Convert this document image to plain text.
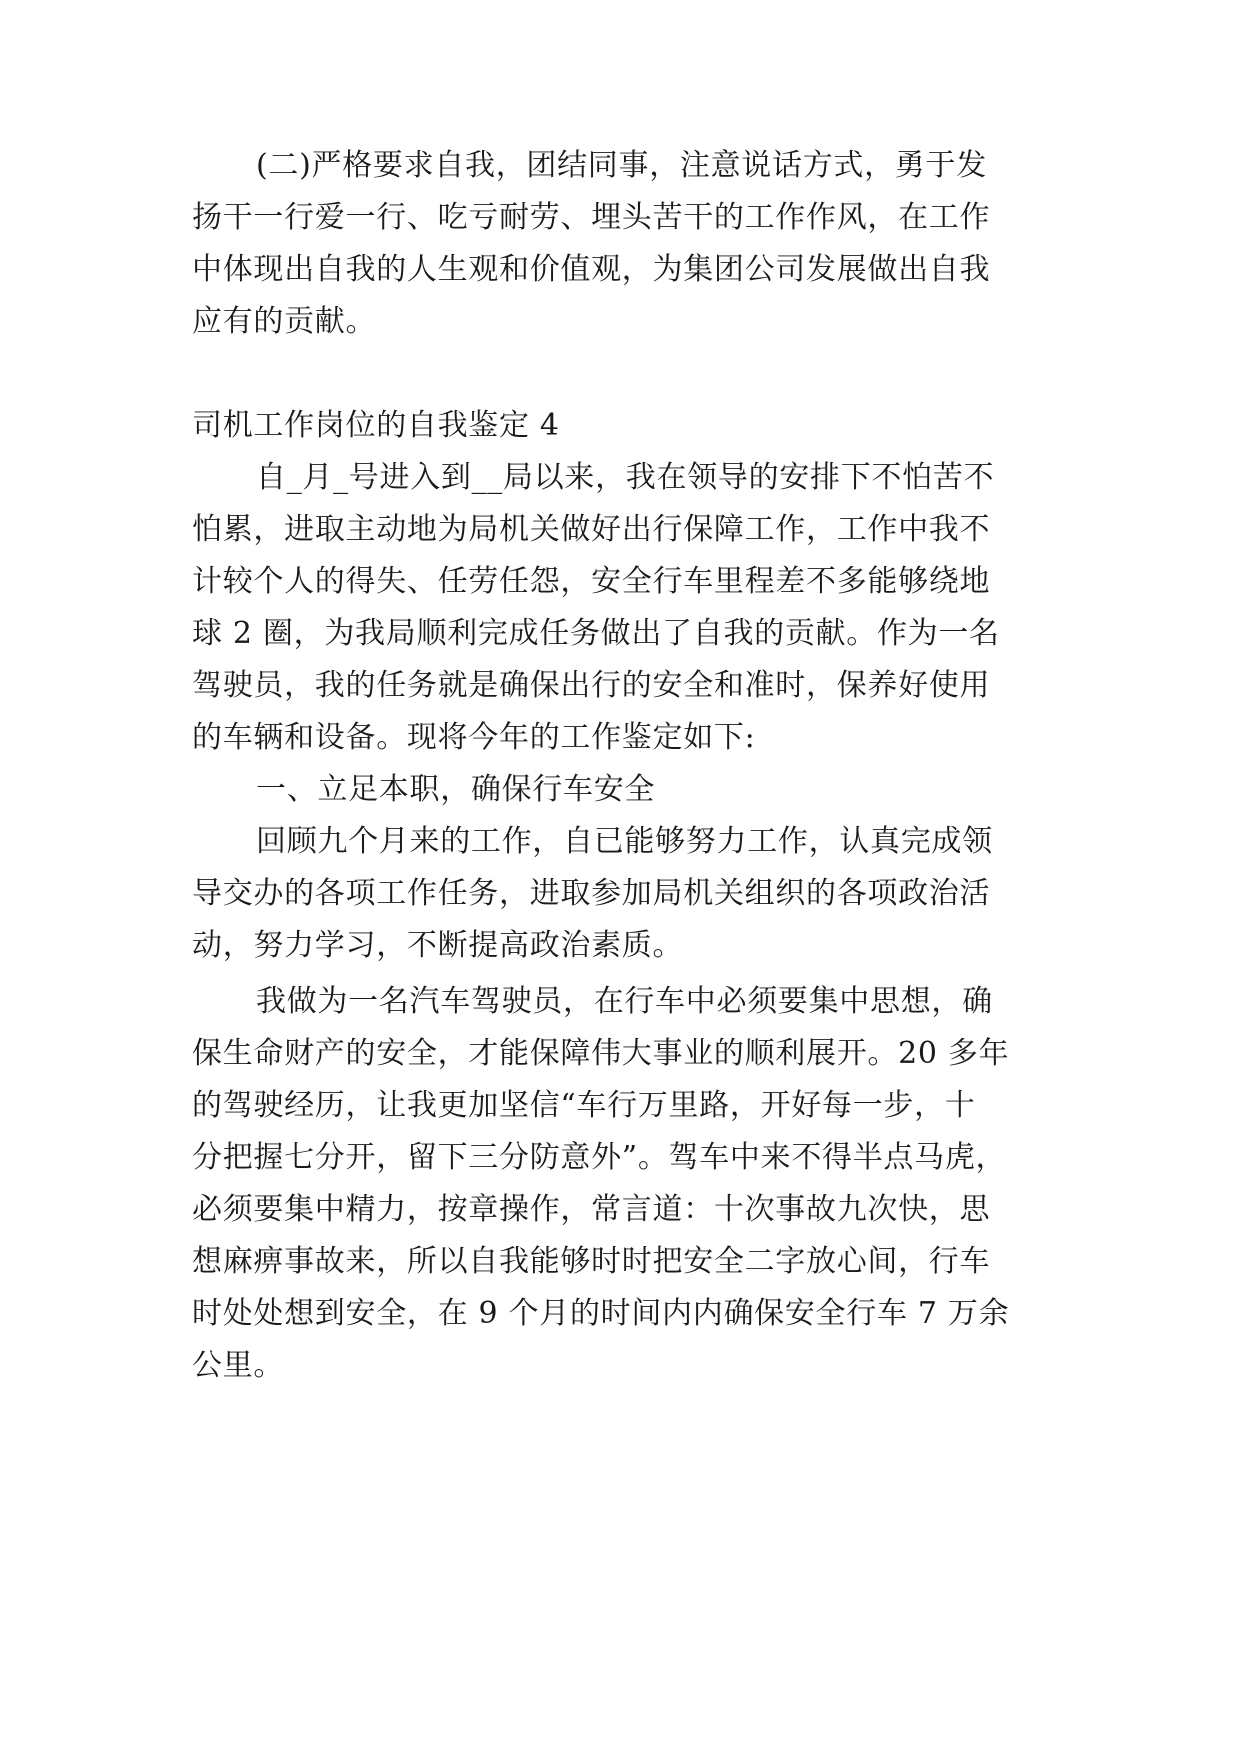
(二)严格要求自我，团结同事，注意说话方式，勇于发
扬干一行爱一行、吃亏耐劳、埋头苦干的工作作风，在工作
中体现出自我的人生观和价值观，为集团公司发展做出自我
应有的贡献。
司机工作岗位的自我鉴定 4
自_月_号进入到__局以来，我在领导的安排下不怕苦不
怕累，进取主动地为局机关做好出行保障工作，工作中我不
计较个人的得失、任劳任怨，安全行车里程差不多能够绕地
球 2 圈，为我局顺利完成任务做出了自我的贡献。作为一名
驾驶员，我的任务就是确保出行的安全和准时，保养好使用
的车辆和设备。现将今年的工作鉴定如下:
一、立足本职，确保行车安全
回顾九个月来的工作，自已能够努力工作，认真完成领
导交办的各项工作任务，进取参加局机关组织的各项政治活
动，努力学习，不断提高政治素质。
我做为一名汽车驾驶员，在行车中必须要集中思想，确
保生命财产的安全，才能保障伟大事业的顺利展开。20 多年
的驾驶经历，让我更加坚信“车行万里路，开好每一步，十
分把握七分开，留下三分防意外”。驾车中来不得半点马虎，
必须要集中精力，按章操作，常言道：十次事故九次快，思
想麻痹事故来，所以自我能够时时把安全二字放心间，行车
时处处想到安全，在 9 个月的时间内内确保安全行车 7 万余
公里。
